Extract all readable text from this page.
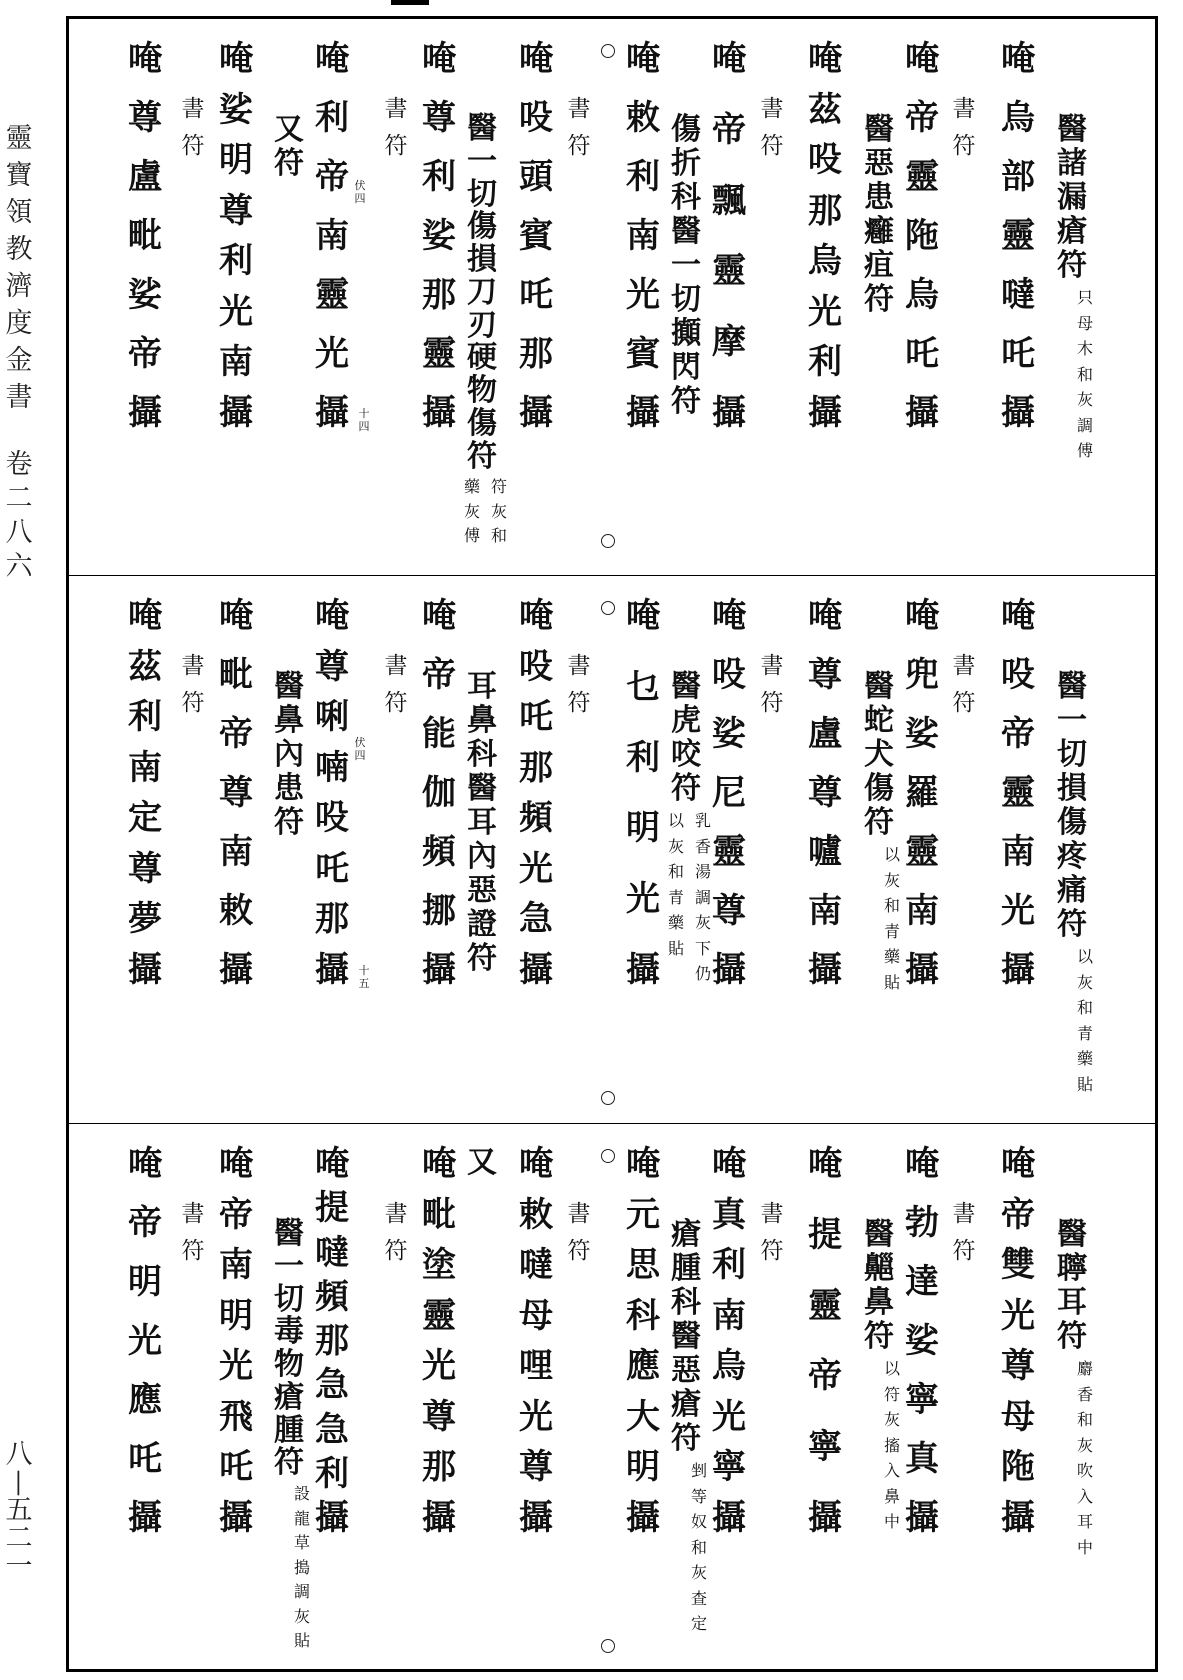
靈
寶
領
教
濟
度
金
書
卷
二
八
六
八
—
五
二
一
醫
諸
漏
瘡
符
只
母
木
和
灰
調
傅
唵
烏
部
靈
噠
吒
攝
書
符
唵
帝
靈
陁
烏
吒
攝
醫
惡
患
癰
疽
符
唵
茲
吺
那
烏
光
利
攝
書
符
唵
帝
飄
靈
摩
攝
傷
折
科
醫
一
切
攧
閃
符
唵
敕
利
南
光
賓
攝
書
符
唵
吺
頭
賓
吒
那
攝
醫
一
切
傷
損
刀
刃
硬
物
傷
符
符
灰
和
藥
灰
傅
唵
尊
利
娑
那
靈
攝
書
符
唵
利
帝
南
靈
光
攝
伏
四
十
四
又
符
唵
娑
明
尊
利
光
南
攝
書
符
唵
尊
盧
毗
娑
帝
攝
醫
一
切
損
傷
疼
痛
符
以
灰
和
青
藥
貼
唵
吺
帝
靈
南
光
攝
書
符
唵
兜
娑
羅
靈
南
攝
醫
蛇
犬
傷
符
以
灰
和
青
藥
貼
唵
尊
盧
尊
嚧
南
攝
書
符
唵
吺
娑
尼
靈
尊
攝
醫
虎
咬
符
乳
香
湯
調
灰
下
仍
以
灰
和
青
藥
貼
唵
乜
利
明
光
攝
書
符
唵
吺
吒
那
頻
光
急
攝
耳
鼻
科
醫
耳
內
惡
證
符
唵
帝
能
伽
頻
挪
攝
書
符
唵
尊
唎
喃
吺
吒
那
攝
伏
四
十
五
醫
鼻
內
患
符
唵
毗
帝
尊
南
敕
攝
書
符
唵
茲
利
南
定
尊
夢
攝
醫
聹
耳
符
麝
香
和
灰
吹
入
耳
中
唵
帝
雙
光
尊
母
陁
攝
書
符
唵
勃
達
娑
寧
真
攝
醫
齆
鼻
符
以
符
灰
搐
入
鼻
中
唵
提
靈
帝
寧
攝
書
符
唵
真
利
南
烏
光
寧
攝
瘡
腫
科
醫
惡
瘡
符
剉
等
奴
和
灰
查
定
唵
元
思
科
應
大
明
攝
書
符
唵
敕
噠
母
哩
光
尊
攝
又
唵
毗
塗
靈
光
尊
那
攝
書
符
唵
提
噠
頻
那
急
急
利
攝
醫
一
切
毒
物
瘡
腫
符
設
龍
草
搗
調
灰
貼
唵
帝
南
明
光
飛
吒
攝
書
符
唵
帝
明
光
應
吒
攝
